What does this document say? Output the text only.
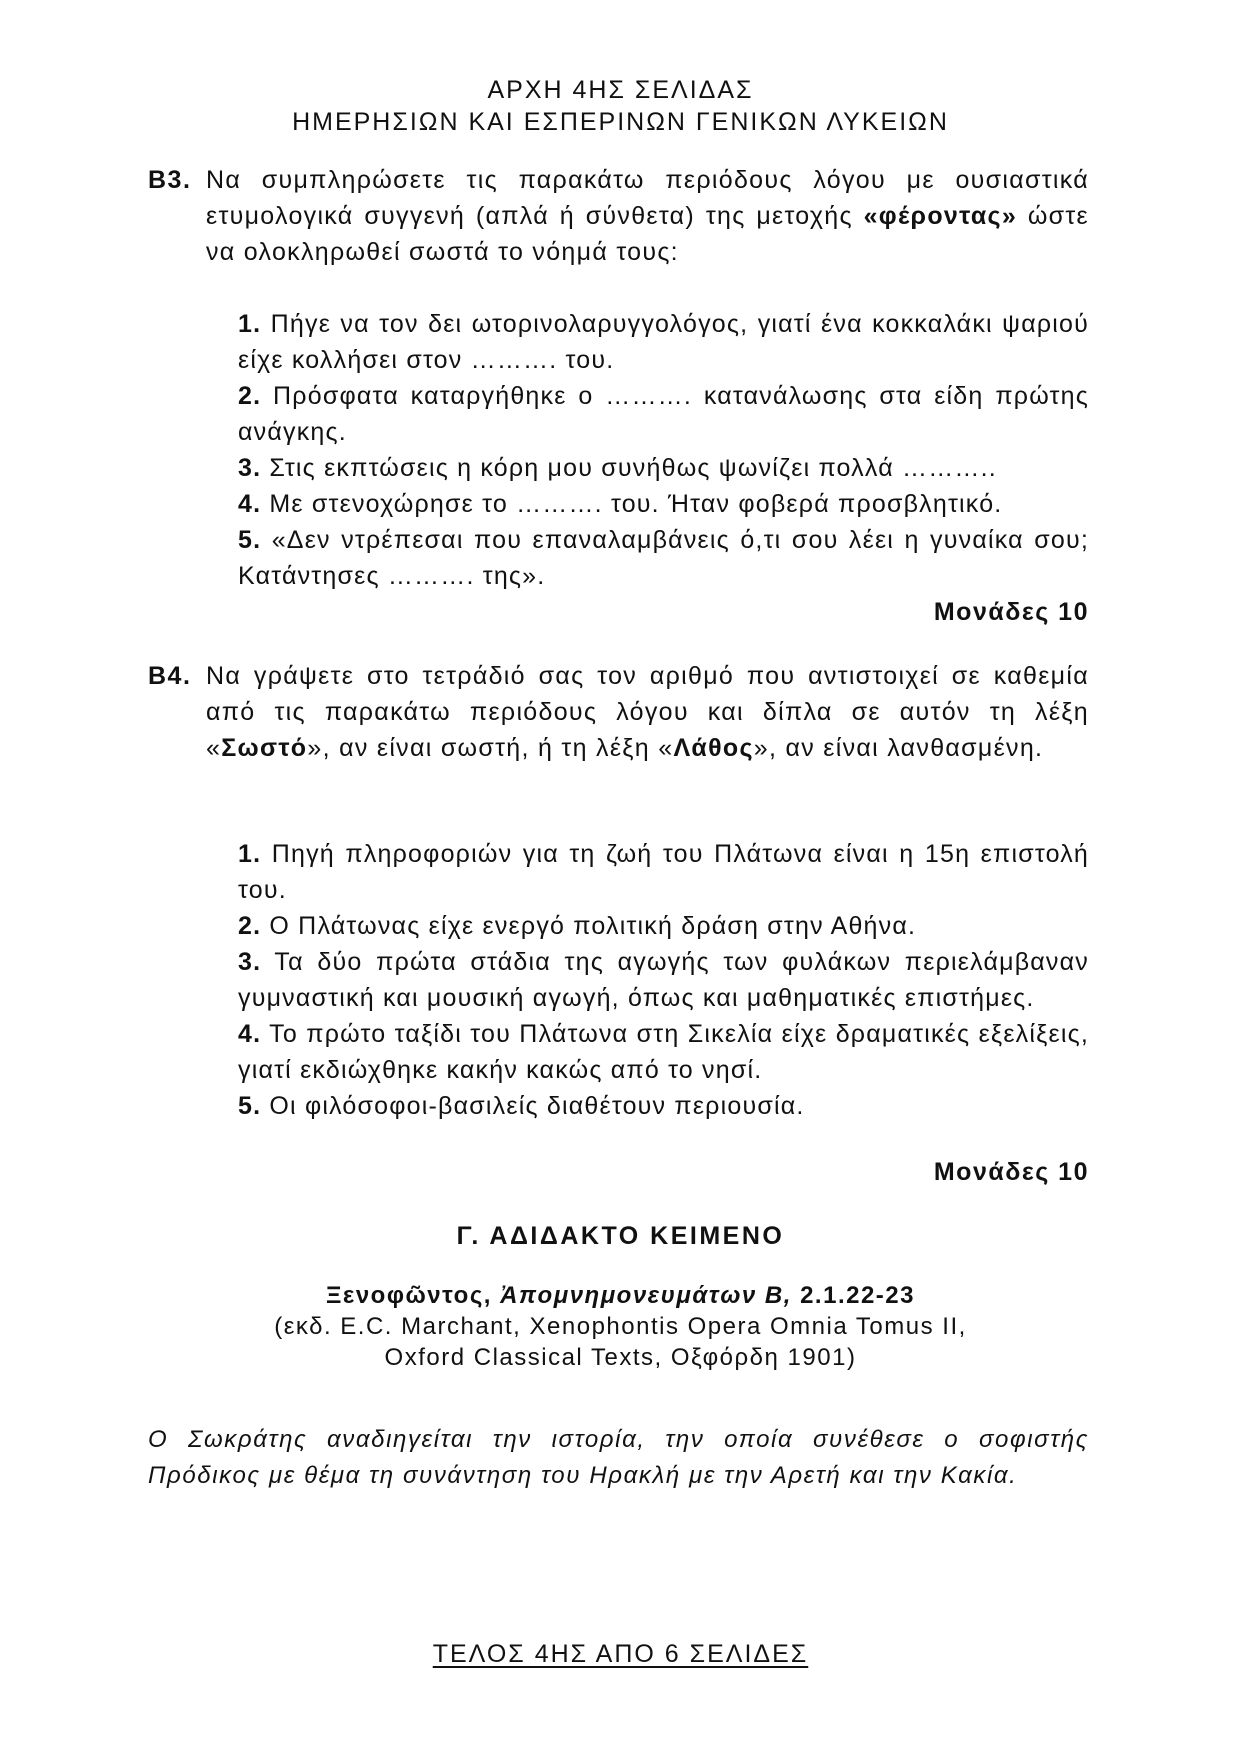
ΑΡΧΗ 4ΗΣ ΣΕΛΙΔΑΣ
ΗΜΕΡΗΣΙΩΝ ΚΑΙ ΕΣΠΕΡΙΝΩΝ ΓΕΝΙΚΩΝ ΛΥΚΕΙΩΝ
Β3. Να συμπληρώσετε τις παρακάτω περιόδους λόγου με ουσιαστικά ετυμολογικά συγγενή (απλά ή σύνθετα) της μετοχής «φέροντας» ώστε να ολοκληρωθεί σωστά το νόημά τους:
1. Πήγε να τον δει ωτορινολαρυγγολόγος, γιατί ένα κοκκαλάκι ψαριού είχε κολλήσει στον ………. του.
2. Πρόσφατα καταργήθηκε ο ………. κατανάλωσης στα είδη πρώτης ανάγκης.
3. Στις εκπτώσεις η κόρη μου συνήθως ψωνίζει πολλά ………..
4. Με στενοχώρησε το ………. του. Ήταν φοβερά προσβλητικό.
5. «Δεν ντρέπεσαι που επαναλαμβάνεις ό,τι σου λέει η γυναίκα σου; Κατάντησες ………. της».
Μονάδες 10
Β4. Να γράψετε στο τετράδιό σας τον αριθμό που αντιστοιχεί σε καθεμία από τις παρακάτω περιόδους λόγου και δίπλα σε αυτόν τη λέξη «Σωστό», αν είναι σωστή, ή τη λέξη «Λάθος», αν είναι λανθασμένη.
1. Πηγή πληροφοριών για τη ζωή του Πλάτωνα είναι η 15η επιστολή του.
2. Ο Πλάτωνας είχε ενεργό πολιτική δράση στην Αθήνα.
3. Τα δύο πρώτα στάδια της αγωγής των φυλάκων περιελάμβαναν γυμναστική και μουσική αγωγή, όπως και μαθηματικές επιστήμες.
4. Το πρώτο ταξίδι του Πλάτωνα στη Σικελία είχε δραματικές εξελίξεις, γιατί εκδιώχθηκε κακήν κακώς από το νησί.
5. Οι φιλόσοφοι-βασιλείς διαθέτουν περιουσία.
Μονάδες 10
Γ. ΑΔΙΔΑΚΤΟ ΚΕΙΜΕΝΟ
Ξενοφῶντος, Ἀπομνημονευμάτων Β, 2.1.22-23
(εκδ. E.C. Marchant, Xenophontis Opera Omnia Tomus II,
Oxford Classical Texts, Οξφόρδη 1901)
Ο Σωκράτης αναδιηγείται την ιστορία, την οποία συνέθεσε ο σοφιστής Πρόδικος με θέμα τη συνάντηση του Ηρακλή με την Αρετή και την Κακία.
ΤΕΛΟΣ 4ΗΣ ΑΠΟ 6 ΣΕΛΙΔΕΣ
